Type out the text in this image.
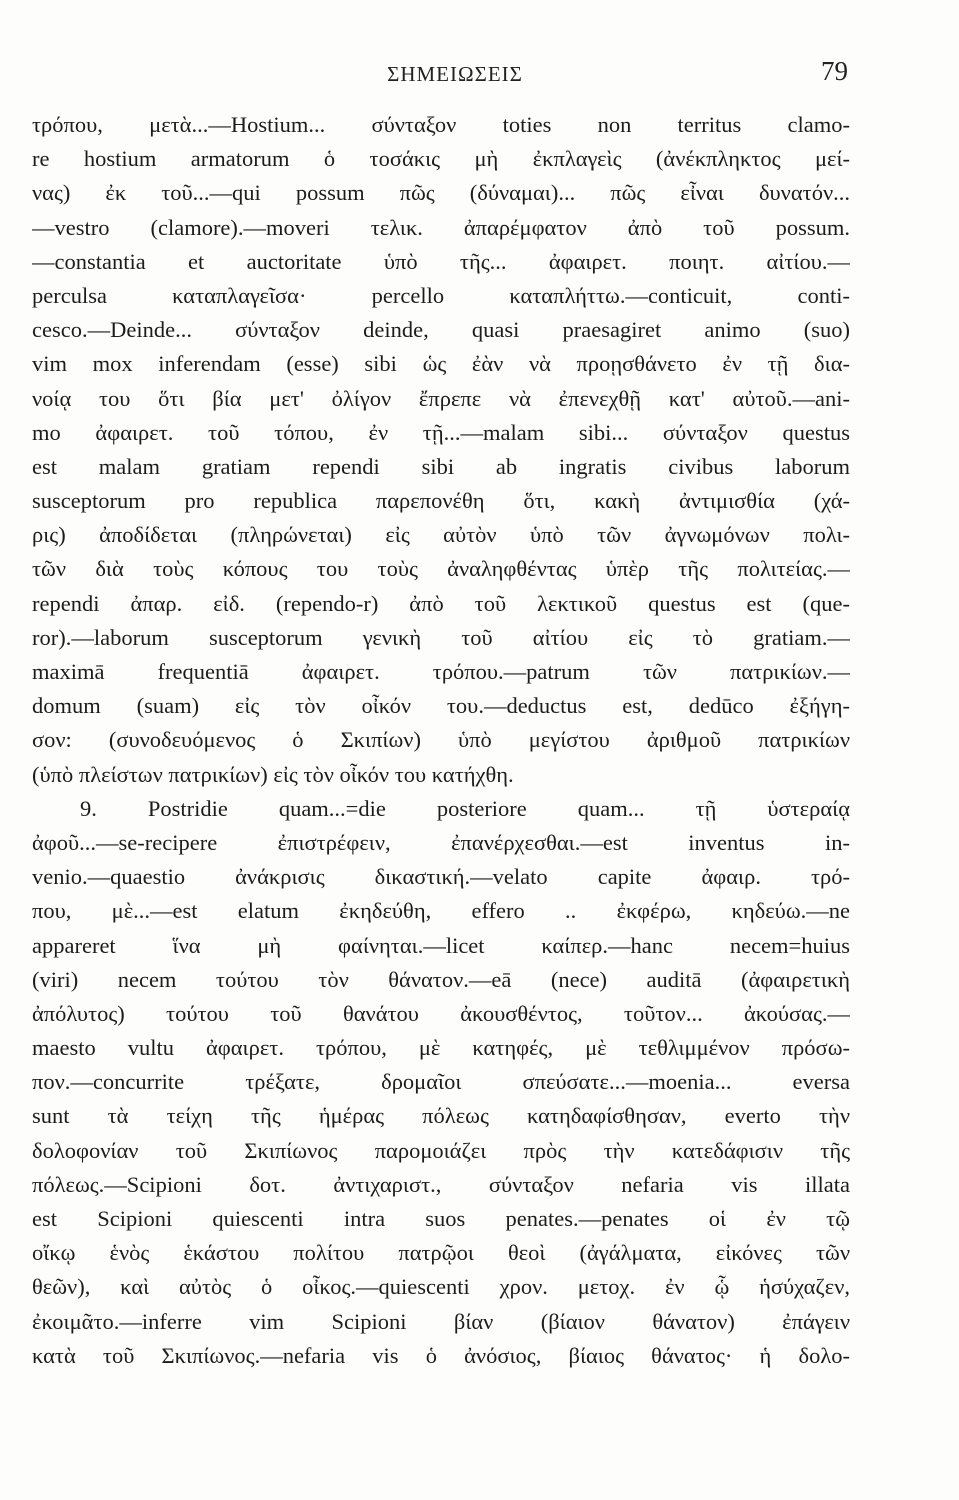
ΣΗΜΕΙΩΣΕΙΣ	79
τρόπου, μετὰ...—Hostium... σύνταξον toties non territus clamo-
re hostium armatorum ὁ τοσάκις μὴ ἐκπλαγεὶς (ἀνέκπληκτος μεί-
νας) ἐκ τοῦ...—qui possum πῶς (δύναμαι)... πῶς εἶναι δυνατόν...
—vestro (clamore).—moveri τελικ. ἀπαρέμφατον ἀπὸ τοῦ possum.
—constantia et auctoritate ὑπὸ τῆς... ἀφαιρετ. ποιητ. αἰτίου.—
perculsa καταπλαγεῖσα· percello καταπλήττω.—conticuit, conti-
cesco.—Deinde... σύνταξον deinde, quasi praesagiret animo (suo)
vim mox inferendam (esse) sibi ὡς ἐὰν νὰ προῃσθάνετο ἐν τῇ δια-
νοίᾳ του ὅτι βία μετ' ὀλίγον ἔπρεπε νὰ ἐπενεχθῇ κατ' αὐτοῦ.—ani-
mo ἀφαιρετ. τοῦ τόπου, ἐν τῇ...—malam sibi... σύνταξον questus
est malam gratiam rependi sibi ab ingratis civibus laborum
susceptorum pro republica παρεπονέθη ὅτι, κακὴ ἀντιμισθία (χά-
ρις) ἀποδίδεται (πληρώνεται) εἰς αὐτὸν ὑπὸ τῶν ἀγνωμόνων πολι-
τῶν διὰ τοὺς κόπους του τοὺς ἀναληφθέντας ὑπὲρ τῆς πολιτείας.—
rependi ἀπαρ. εἰδ. (rependo-r) ἀπὸ τοῦ λεκτικοῦ questus est (que-
ror).—laborum susceptorum γενικὴ τοῦ αἰτίου εἰς τὸ gratiam.—
maximā frequentiā ἀφαιρετ. τρόπου.—patrum τῶν πατρικίων.—
domum (suam) εἰς τὸν οἶκόν του.—deductus est, dedūco ἐξήγη-
σον: (συνοδευόμενος ὁ Σκιπίων) ὑπὸ μεγίστου ἀριθμοῦ πατρικίων
(ὑπὸ πλείστων πατρικίων) εἰς τὸν οἶκόν του κατήχθη.
9. Postridie quam...=die posteriore quam... τῇ ὑστεραίᾳ
ἀφοῦ...—se-recipere ἐπιστρέφειν, ἐπανέρχεσθαι.—est inventus in-
venio.—quaestio ἀνάκρισις δικαστική.—velato capite ἀφαιρ. τρό-
που, μὲ...—est elatum ἐκηδεύθη, effero .. ἐκφέρω, κηδεύω.—ne
appareret ἵνα μὴ φαίνηται.—licet καίπερ.—hanc necem=huius
(viri) necem τούτου τὸν θάνατον.—eā (nece) auditā (ἀφαιρετικὴ
ἀπόλυτος) τούτου τοῦ θανάτου ἀκουσθέντος, τοῦτον... ἀκούσας.—
maesto vultu ἀφαιρετ. τρόπου, μὲ κατηφές, μὲ τεθλιμμένον πρόσω-
πον.—concurrite τρέξατε, δρομαῖοι σπεύσατε...—moenia... eversa
sunt τὰ τείχη τῆς ἡμέρας πόλεως κατηδαφίσθησαν, everto τὴν
δολοφονίαν τοῦ Σκιπίωνος παρομοιάζει πρὸς τὴν κατεδάφισιν τῆς
πόλεως.—Scipioni δοτ. ἀντιχαριστ., σύνταξον nefaria vis illata
est Scipioni quiescenti intra suos penates.—penates οἱ ἐν τῷ
οἴκῳ ἑνὸς ἑκάστου πολίτου πατρῷοι θεοὶ (ἀγάλματα, εἰκόνες τῶν
θεῶν), καὶ αὐτὸς ὁ οἶκος.—quiescenti χρον. μετοχ. ἐν ᾧ ἡσύχαζεν,
ἐκοιμᾶτο.—inferre vim Scipioni βίαν (βίαιον θάνατον) ἐπάγειν
κατὰ τοῦ Σκιπίωνος.—nefaria vis ὁ ἀνόσιος, βίαιος θάνατος· ἡ δολο-
